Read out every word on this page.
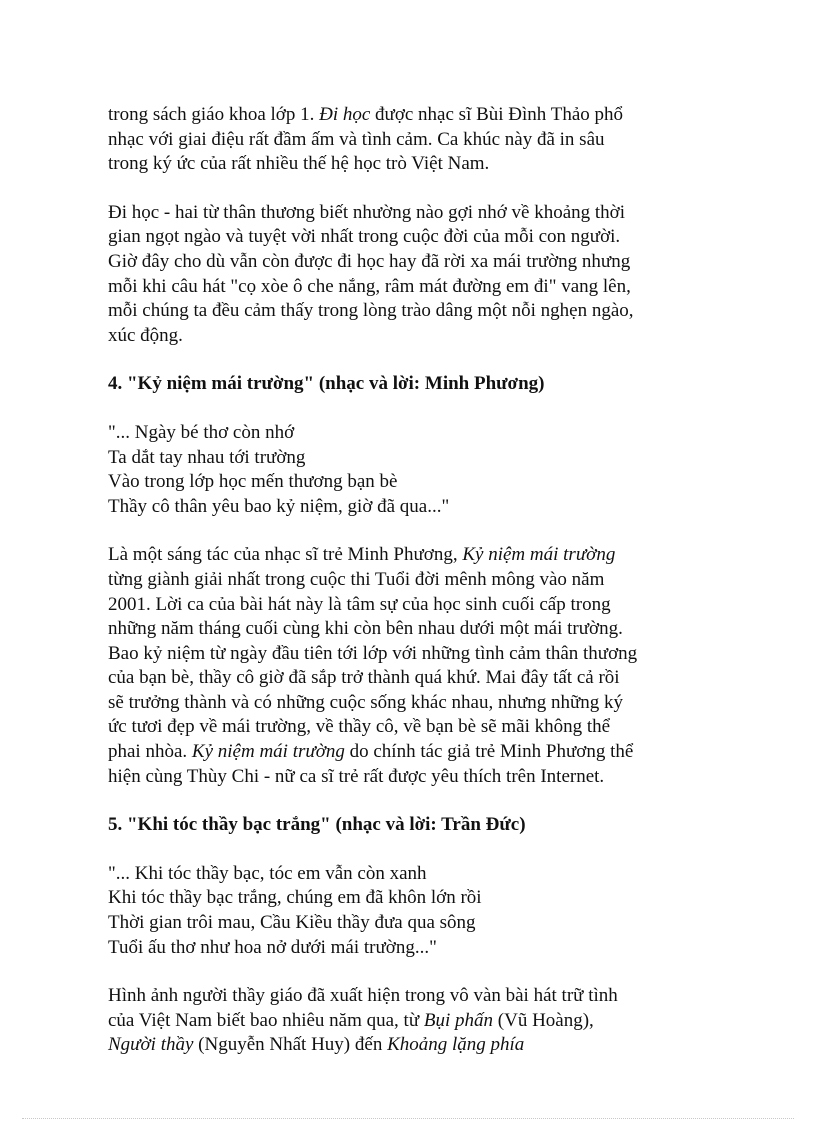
trong sách giáo khoa lớp 1. Đi học được nhạc sĩ Bùi Đình Thảo phổ nhạc với giai điệu rất đầm ấm và tình cảm. Ca khúc này đã in sâu trong ký ức của rất nhiều thế hệ học trò Việt Nam.

Đi học - hai từ thân thương biết nhường nào gợi nhớ về khoảng thời gian ngọt ngào và tuyệt vời nhất trong cuộc đời của mỗi con người. Giờ đây cho dù vẫn còn được đi học hay đã rời xa mái trường nhưng mỗi khi câu hát "cọ xòe ô che nắng, râm mát đường em đi" vang lên, mỗi chúng ta đều cảm thấy trong lòng trào dâng một nỗi nghẹn ngào, xúc động.

4. "Kỷ niệm mái trường" (nhạc và lời: Minh Phương)

"... Ngày bé thơ còn nhớ
Ta dắt tay nhau tới trường
Vào trong lớp học mến thương bạn bè
Thầy cô thân yêu bao kỷ niệm, giờ đã qua..."

Là một sáng tác của nhạc sĩ trẻ Minh Phương, Kỷ niệm mái trường từng giành giải nhất trong cuộc thi Tuổi đời mênh mông vào năm 2001. Lời ca của bài hát này là tâm sự của học sinh cuối cấp trong những năm tháng cuối cùng khi còn bên nhau dưới một mái trường. Bao kỷ niệm từ ngày đầu tiên tới lớp với những tình cảm thân thương của bạn bè, thầy cô giờ đã sắp trở thành quá khứ. Mai đây tất cả rồi sẽ trưởng thành và có những cuộc sống khác nhau, nhưng những ký ức tươi đẹp về mái trường, về thầy cô, về bạn bè sẽ mãi không thể phai nhòa. Kỷ niệm mái trường do chính tác giả trẻ Minh Phương thể hiện cùng Thùy Chi - nữ ca sĩ trẻ rất được yêu thích trên Internet.

5. "Khi tóc thầy bạc trắng" (nhạc và lời: Trần Đức)

"... Khi tóc thầy bạc, tóc em vẫn còn xanh
Khi tóc thầy bạc trắng, chúng em đã khôn lớn rồi
Thời gian trôi mau, Cầu Kiều thầy đưa qua sông
Tuổi ấu thơ như hoa nở dưới mái trường..."

Hình ảnh người thầy giáo đã xuất hiện trong vô vàn bài hát trữ tình của Việt Nam biết bao nhiêu năm qua, từ Bụi phấn (Vũ Hoàng), Người thầy (Nguyễn Nhất Huy) đến Khoảng lặng phía
